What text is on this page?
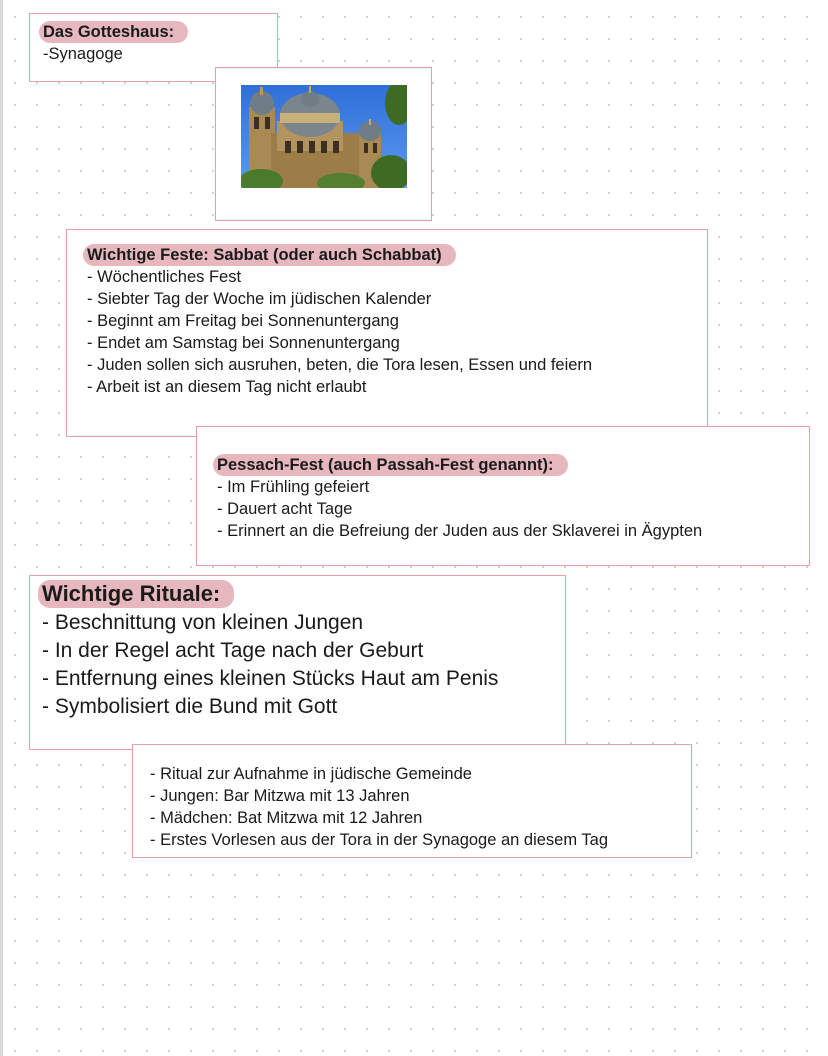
Das Gotteshaus:
-Synagoge
Wichtige Feste: Sabbat (oder auch Schabbat)
- Wöchentliches Fest
- Siebter Tag der Woche im jüdischen Kalender
- Beginnt am Freitag bei Sonnenuntergang
- Endet am Samstag bei Sonnenuntergang
- Juden sollen sich ausruhen, beten, die Tora lesen, Essen und feiern
- Arbeit ist an diesem Tag nicht erlaubt
Pessach-Fest (auch Passah-Fest genannt):
- Im Frühling gefeiert
- Dauert acht Tage
- Erinnert an die Befreiung der Juden aus der Sklaverei in Ägypten
Wichtige Rituale:
- Beschnittung von kleinen Jungen
- In der Regel acht Tage nach der Geburt
- Entfernung eines kleinen Stücks Haut am Penis
- Symbolisiert die Bund mit Gott
- Ritual zur Aufnahme in jüdische Gemeinde
- Jungen: Bar Mitzwa mit 13 Jahren
- Mädchen: Bat Mitzwa mit 12 Jahren
- Erstes Vorlesen aus der Tora in der Synagoge an diesem Tag
